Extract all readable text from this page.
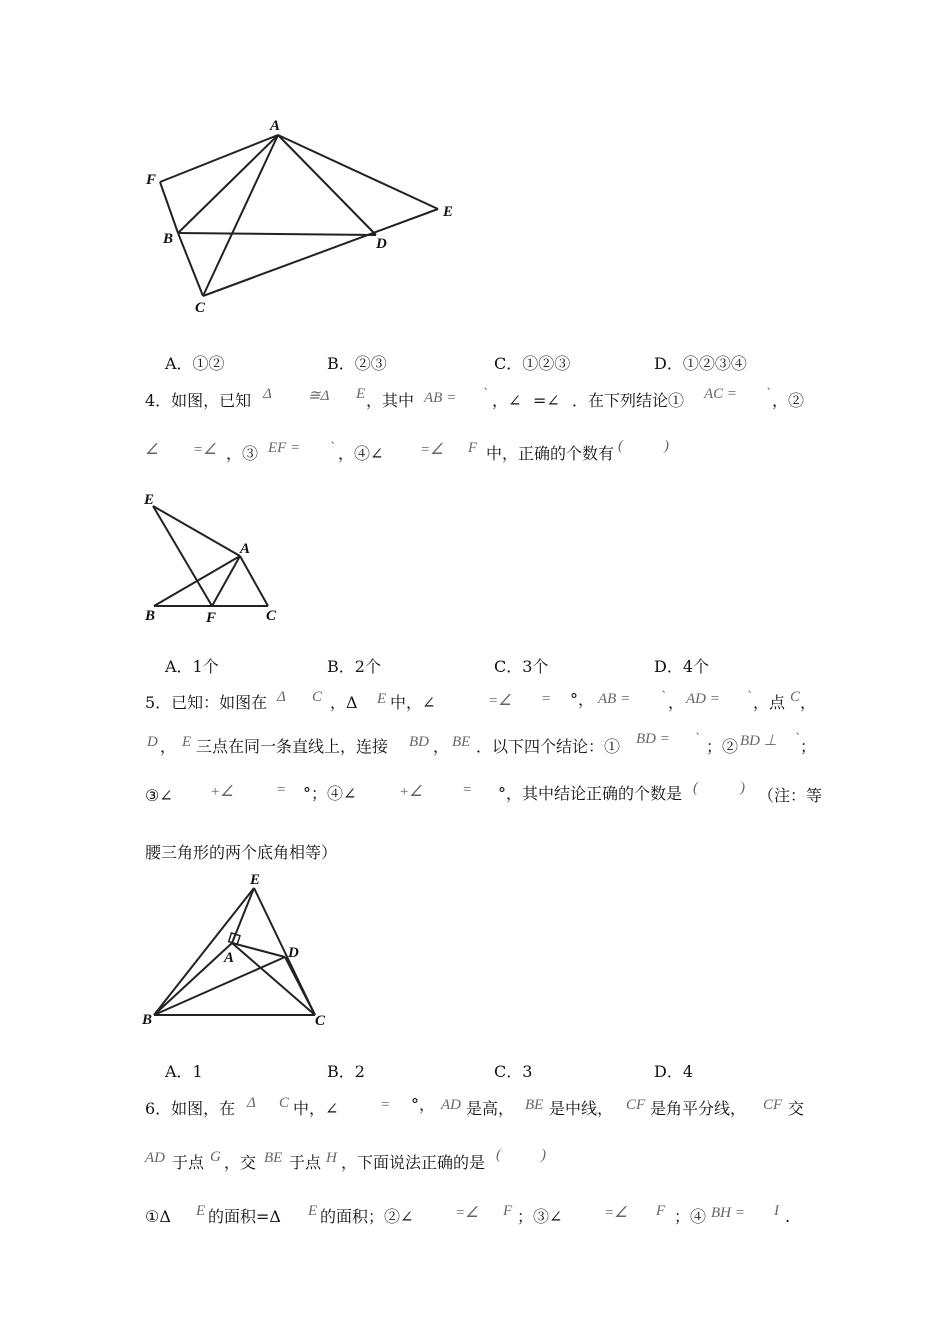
A
F
B	D
E
C
A．①②	B．②③	C．①②③	D．①②③④
4．如图，已知 Δ ≅Δ E ，其中 AB = ` ，∠ =∠ ．在下列结论① AC = ` ，②
∠ =∠ ，③ EF = ` ，④∠ =∠ F 中，正确的个数有 (	)
E
A
B	F	C
A．1个	B．2个	C．3个	D．4个
5．已知：如图在 Δ C ，Δ E 中，∠	=∠ = °， AB = ` ， AD = ` ，点 C ，
D ， E 三点在同一条直线上，连接 BD ， BE ．以下四个结论：① BD = ` ；② BD ⊥ ` ；
③∠ +∠	= °；④∠	+∠	= °，其中结论正确的个数是 (	) （注：等
腰三角形的两个底角相等）
E
A	D
B	C
A．1	B．2	C．3	D．4
6．如图，在 Δ C 中，∠	= °， AD 是高， BE 是中线， CF 是角平分线， CF 交
AD 于点 G ，交 BE 于点 H ，下面说法正确的是 (	)
①Δ E 的面积=Δ E 的面积；②∠	=∠ F ；③∠	=∠ F ；④ BH = I .
